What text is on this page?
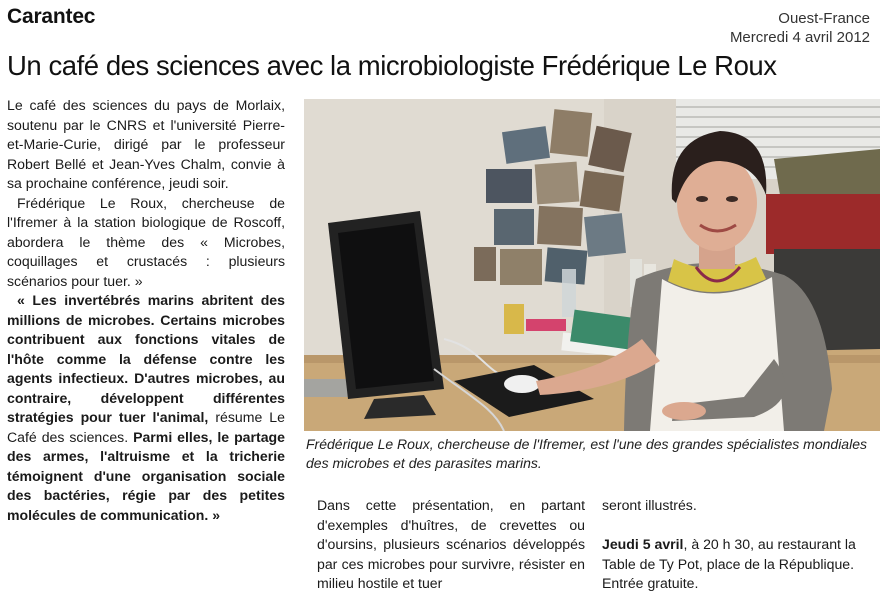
Carantec	Ouest-France
Mercredi 4 avril 2012
Un café des sciences avec la microbiologiste Frédérique Le Roux

Le café des sciences du pays de Morlaix, soutenu par le CNRS et l'université Pierre-et-Marie-Curie, dirigé par le professeur Robert Bellé et Jean-Yves Chalm, convie à sa prochaine conférence, jeudi soir.

Frédérique Le Roux, chercheuse de l'Ifremer à la station biologique de Roscoff, abordera le thème des « Microbes, coquillages et crustacés : plusieurs scénarios pour tuer. »

« Les invertébrés marins abritent des millions de microbes. Certains microbes contribuent aux fonctions vitales de l'hôte comme la défense contre les agents infectieux. D'autres microbes, au contraire, développent différentes stratégies pour tuer l'animal, résume Le Café des sciences. Parmi elles, le partage des armes, l'altruisme et la tricherie témoignent d'une organisation sociale des bactéries, régie par des petites molécules de communication. »

Frédérique Le Roux, chercheuse de l'Ifremer, est l'une des grandes spécialistes mondiales des microbes et des parasites marins.
Dans cette présentation, en partant d'exemples d'huîtres, de crevettes ou d'oursins, plusieurs scénarios développés par ces microbes pour survivre, résister en milieu hostile et tuer

seront illustrés.

Jeudi 5 avril, à 20 h 30, au restaurant la Table de Ty Pot, place de la République. Entrée gratuite.
